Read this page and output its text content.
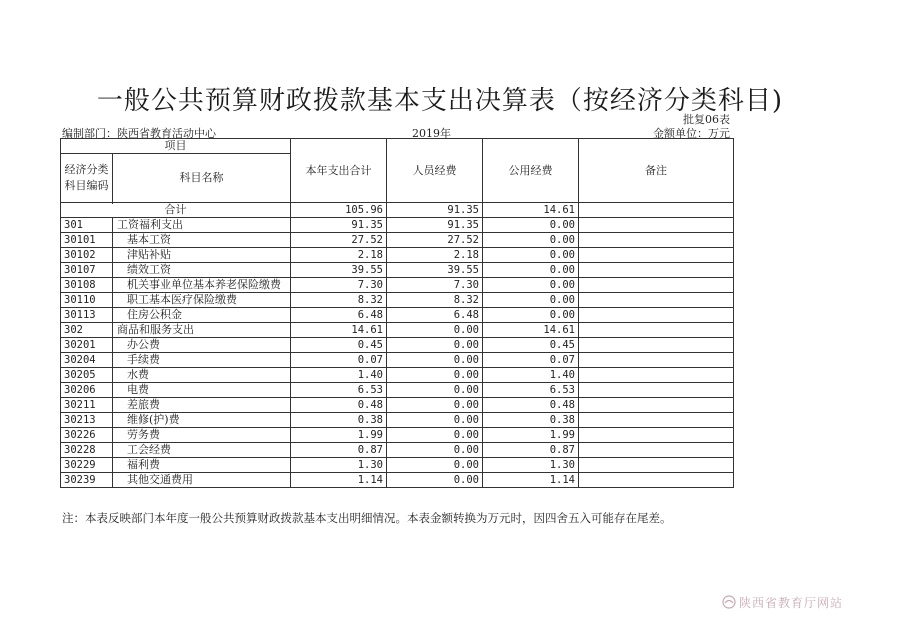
一般公共预算财政拨款基本支出决算表（按经济分类科目)
批复06表
编制部门：陕西省教育活动中心	2019年	金额单位：万元
项目		本年支出合计	人员经费	公用经费	备注
经济分类
科目编码	科目名称				

合计		105.96	91.35	14.61	
301	工资福利支出	91.35	91.35	0.00	
30101	基本工资	27.52	27.52	0.00	
30102	津贴补贴	2.18	2.18	0.00	
30107	绩效工资	39.55	39.55	0.00	
30108	机关事业单位基本养老保险缴费	7.30	7.30	0.00	
30110	职工基本医疗保险缴费	8.32	8.32	0.00	
30113	住房公积金	6.48	6.48	0.00	
302	商品和服务支出	14.61	0.00	14.61	
30201	办公费	0.45	0.00	0.45	
30204	手续费	0.07	0.00	0.07	
30205	水费	1.40	0.00	1.40	
30206	电费	6.53	0.00	6.53	
30211	差旅费	0.48	0.00	0.48	
30213	维修(护)费	0.38	0.00	0.38	
30226	劳务费	1.99	0.00	1.99	
30228	工会经费	0.87	0.00	0.87	
30229	福利费	1.30	0.00	1.30	
30239	其他交通费用	1.14	0.00	1.14	
注：本表反映部门本年度一般公共预算财政拨款基本支出明细情况。本表金额转换为万元时，因四舍五入可能存在尾差。
陕西省教育厅网站
